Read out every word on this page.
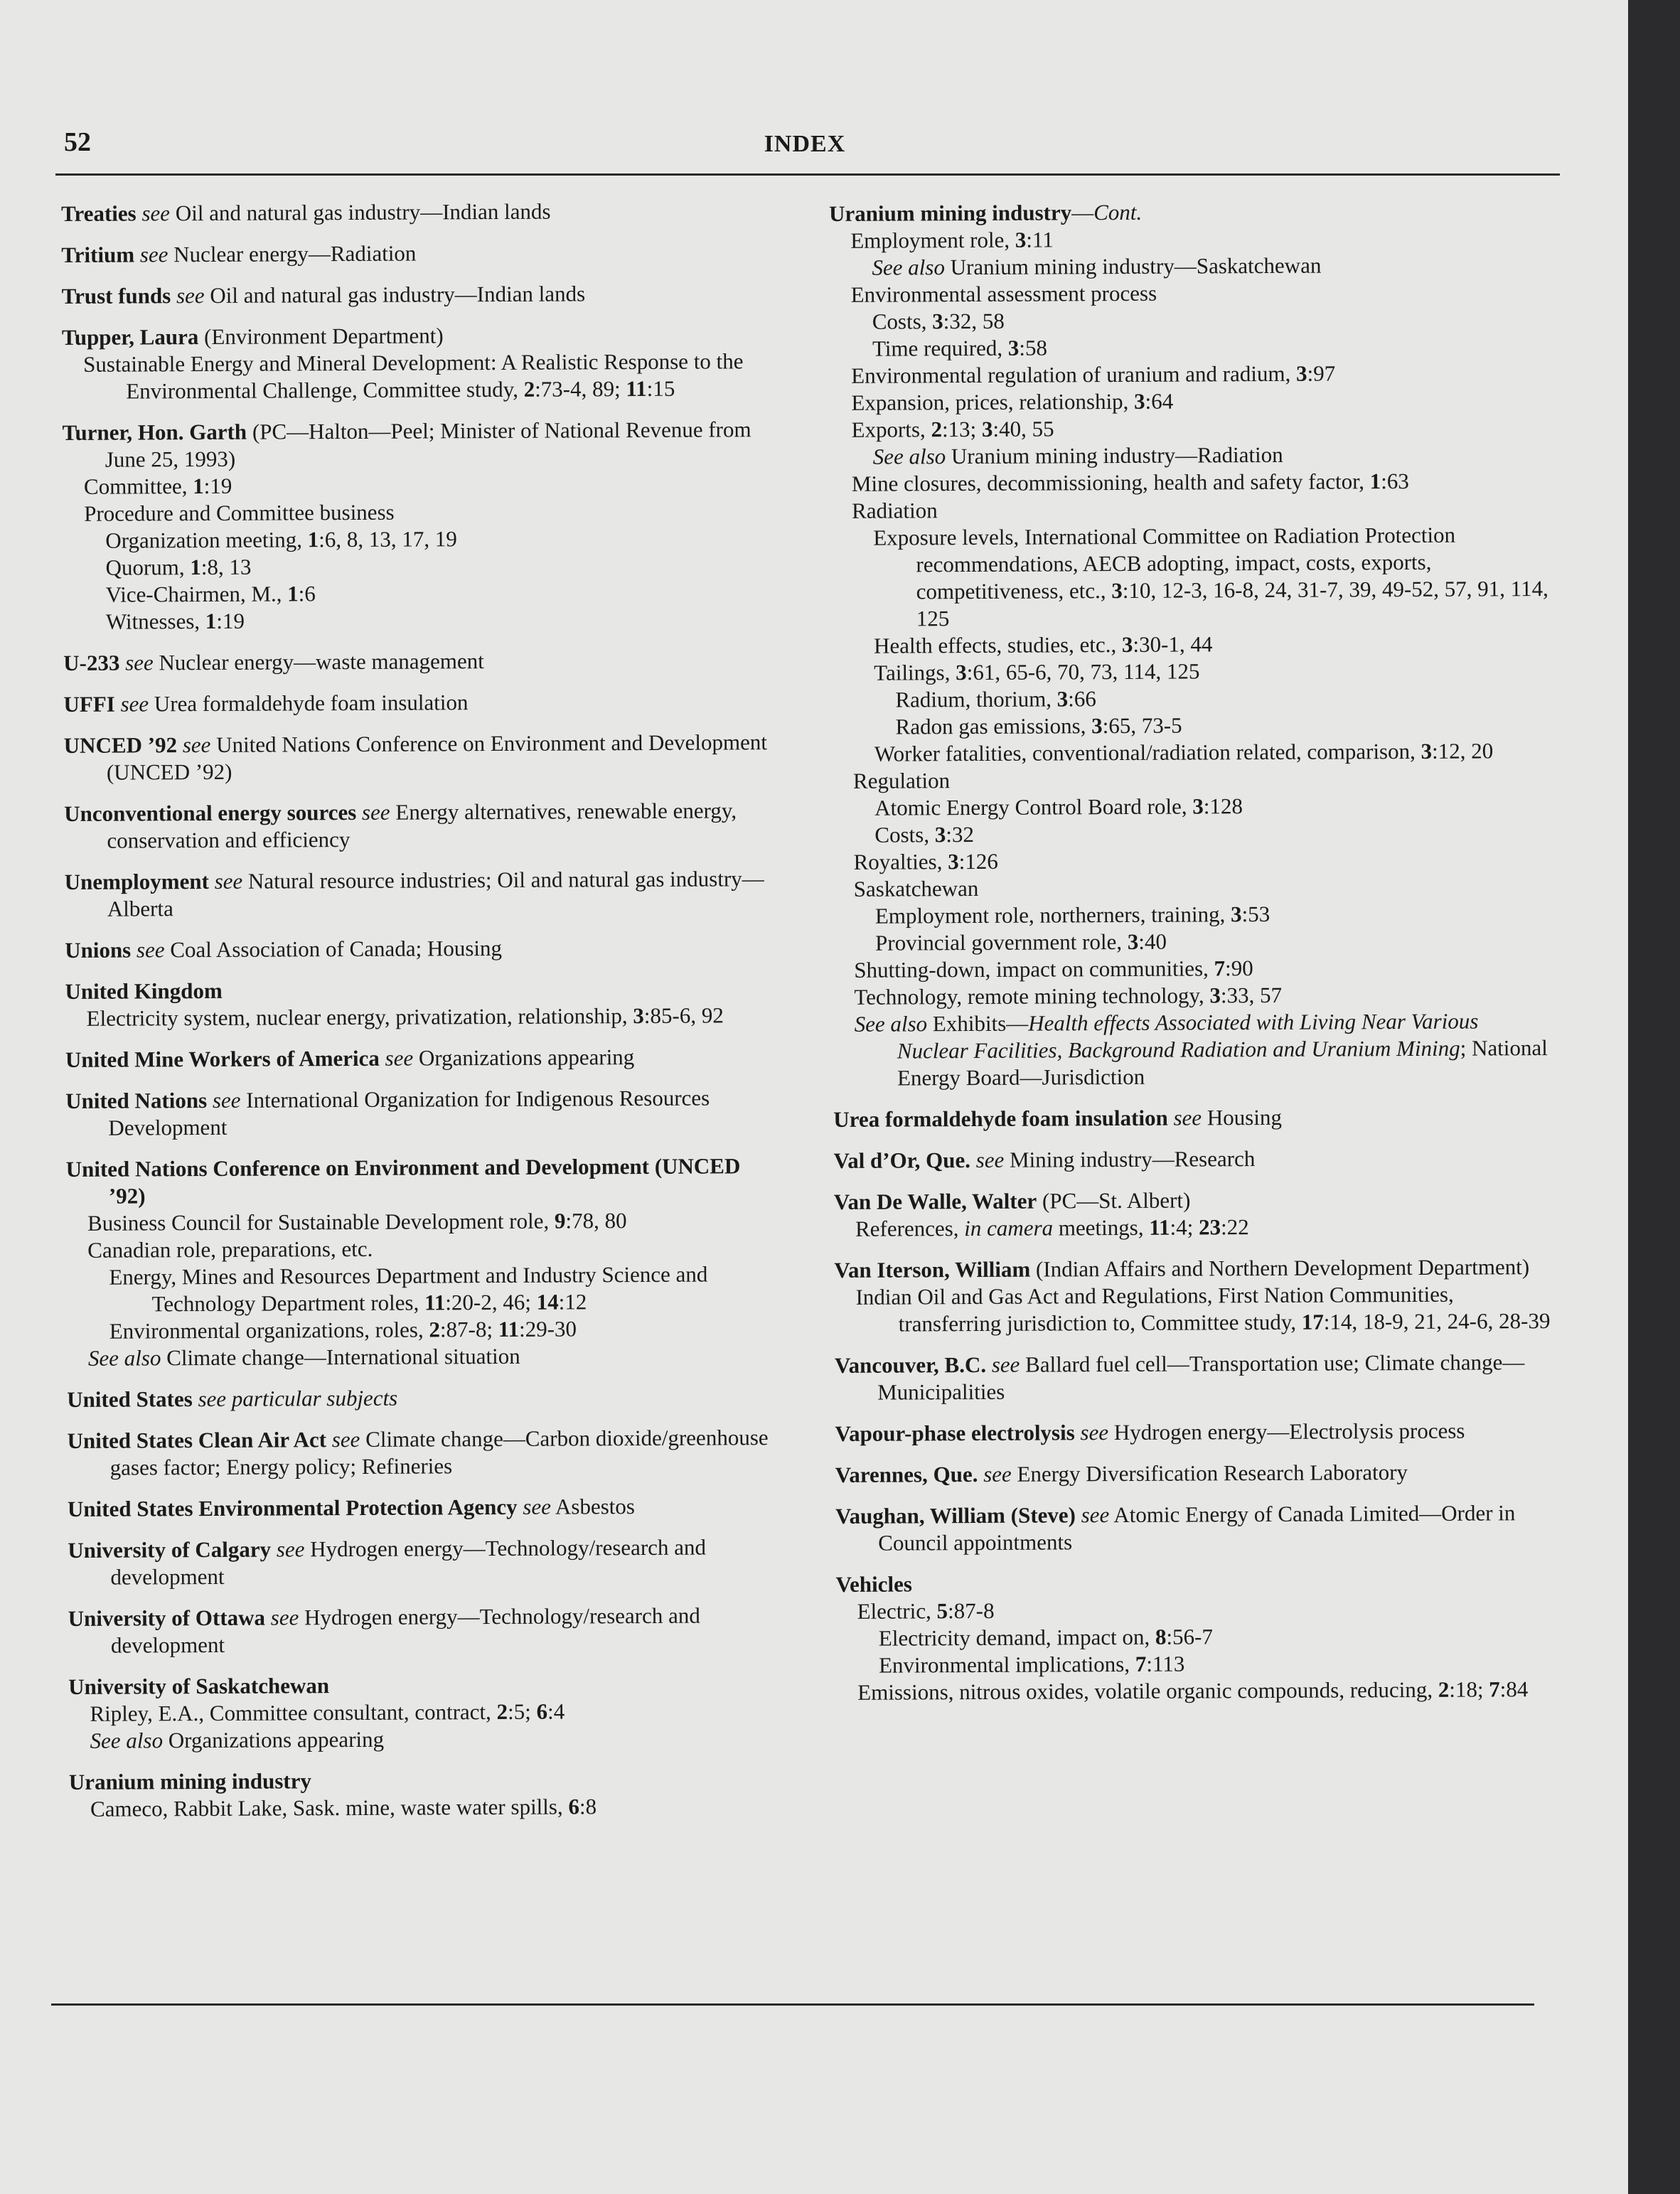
52	INDEX
Treaties see Oil and natural gas industry—Indian lands
Tritium see Nuclear energy—Radiation
Trust funds see Oil and natural gas industry—Indian lands
Tupper, Laura (Environment Department)
Sustainable Energy and Mineral Development: A Realistic Response to the Environmental Challenge, Committee study, 2:73-4, 89; 11:15
Turner, Hon. Garth (PC—Halton—Peel; Minister of National Revenue from June 25, 1993)
Committee, 1:19
Procedure and Committee business
Organization meeting, 1:6, 8, 13, 17, 19
Quorum, 1:8, 13
Vice-Chairmen, M., 1:6
Witnesses, 1:19
U-233 see Nuclear energy—waste management
UFFI see Urea formaldehyde foam insulation
UNCED ’92 see United Nations Conference on Environment and Development (UNCED ’92)
Unconventional energy sources see Energy alternatives, renewable energy, conservation and efficiency
Unemployment see Natural resource industries; Oil and natural gas industry—Alberta
Unions see Coal Association of Canada; Housing
United Kingdom
Electricity system, nuclear energy, privatization, relationship, 3:85-6, 92
United Mine Workers of America see Organizations appearing
United Nations see International Organization for Indigenous Resources Development
United Nations Conference on Environment and Development (UNCED ’92)
Business Council for Sustainable Development role, 9:78, 80
Canadian role, preparations, etc.
Energy, Mines and Resources Department and Industry Science and Technology Department roles, 11:20-2, 46; 14:12
Environmental organizations, roles, 2:87-8; 11:29-30
See also Climate change—International situation
United States see particular subjects
United States Clean Air Act see Climate change—Carbon dioxide/greenhouse gases factor; Energy policy; Refineries
United States Environmental Protection Agency see Asbestos
University of Calgary see Hydrogen energy—Technology/research and development
University of Ottawa see Hydrogen energy—Technology/research and development
University of Saskatchewan
Ripley, E.A., Committee consultant, contract, 2:5; 6:4
See also Organizations appearing
Uranium mining industry
Cameco, Rabbit Lake, Sask. mine, waste water spills, 6:8
Uranium mining industry—Cont.
Employment role, 3:11
See also Uranium mining industry—Saskatchewan
Environmental assessment process
Costs, 3:32, 58
Time required, 3:58
Environmental regulation of uranium and radium, 3:97
Expansion, prices, relationship, 3:64
Exports, 2:13; 3:40, 55
See also Uranium mining industry—Radiation
Mine closures, decommissioning, health and safety factor, 1:63
Radiation
Exposure levels, International Committee on Radiation Protection recommendations, AECB adopting, impact, costs, exports, competitiveness, etc., 3:10, 12-3, 16-8, 24, 31-7, 39, 49-52, 57, 91, 114, 125
Health effects, studies, etc., 3:30-1, 44
Tailings, 3:61, 65-6, 70, 73, 114, 125
Radium, thorium, 3:66
Radon gas emissions, 3:65, 73-5
Worker fatalities, conventional/radiation related, comparison, 3:12, 20
Regulation
Atomic Energy Control Board role, 3:128
Costs, 3:32
Royalties, 3:126
Saskatchewan
Employment role, northerners, training, 3:53
Provincial government role, 3:40
Shutting-down, impact on communities, 7:90
Technology, remote mining technology, 3:33, 57
See also Exhibits—Health effects Associated with Living Near Various Nuclear Facilities, Background Radiation and Uranium Mining; National Energy Board—Jurisdiction
Urea formaldehyde foam insulation see Housing
Val d’Or, Que. see Mining industry—Research
Van De Walle, Walter (PC—St. Albert)
References, in camera meetings, 11:4; 23:22
Van Iterson, William (Indian Affairs and Northern Development Department)
Indian Oil and Gas Act and Regulations, First Nation Communities, transferring jurisdiction to, Committee study, 17:14, 18-9, 21, 24-6, 28-39
Vancouver, B.C. see Ballard fuel cell—Transportation use; Climate change—Municipalities
Vapour-phase electrolysis see Hydrogen energy—Electrolysis process
Varennes, Que. see Energy Diversification Research Laboratory
Vaughan, William (Steve) see Atomic Energy of Canada Limited—Order in Council appointments
Vehicles
Electric, 5:87-8
Electricity demand, impact on, 8:56-7
Environmental implications, 7:113
Emissions, nitrous oxides, volatile organic compounds, reducing, 2:18; 7:84
